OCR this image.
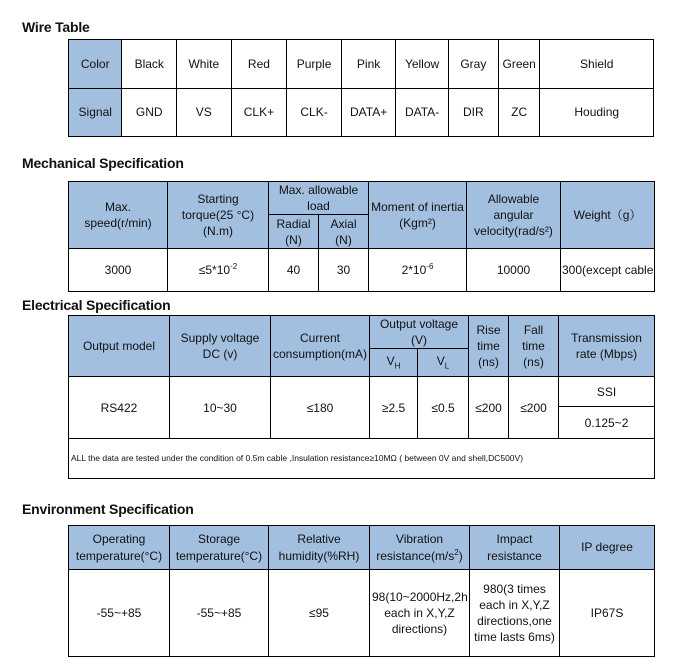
Wire Table
Color	Black	White	Red	Purple	Pink	Yellow	Gray	Green	Shield
Signal	GND	VS	CLK+	CLK-	DATA+	DATA-	DIR	ZC	Houding
Mechanical Specification
Max. speed(r/min)	Starting torque(25 °C) (N.m)	Max. allowable load		Moment of inertia (Kgm²)	Allowable angular velocity(rad/s²)	Weight（g）
		Radial (N)	Axial (N)			
3000	$\le 5*10^{-2}$	40	30	$2*10^{-6}$	10000	300(except cable
Electrical Specification
Output model	Supply voltage DC (v)	Current consumption(mA)	Output voltage (V)		Rise time (ns)	Fall time (ns)	Transmission rate (Mbps)
			$V_H$	$V_L$
RS422	10~30	≤180	≥2.5	≤0.5	≤200	≤200	SSI
							0.125~2
ALL the data are tested under the condition of 0.5m cable ,Insulation resistance≥10MΩ ( between 0V and shell,DC500V)							
Environment Specification
Operating temperature(°C)	Storage temperature(°C)	Relative humidity(%RH)	Vibration $resistance(m/s^2)$	Impact resistance	IP degree
-55~+85	-55~+85	≤95	98(10~2000Hz,2h each in X,Y,Z directions)	980(3 times each in X,Y,Z directions,one time lasts 6ms)	IP67S
